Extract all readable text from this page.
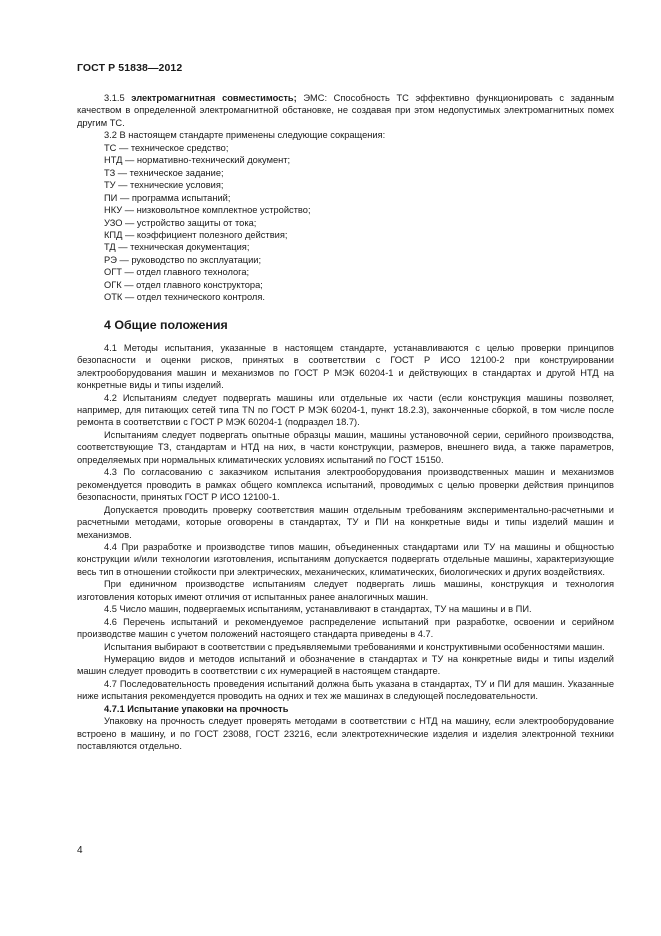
ГОСТ Р 51838—2012

3.1.5 электромагнитная совместимость; ЭМС: Способность ТС эффективно функционировать с заданным качеством в определенной электромагнитной обстановке, не создавая при этом недопустимых электромагнитных помех другим ТС.

3.2 В настоящем стандарте применены следующие сокращения:

ТС — техническое средство;
НТД — нормативно-технический документ;
ТЗ — техническое задание;
ТУ — технические условия;
ПИ — программа испытаний;
НКУ — низковольтное комплектное устройство;
УЗО — устройство защиты от тока;
КПД — коэффициент полезного действия;
ТД — техническая документация;
РЭ — руководство по эксплуатации;
ОГТ — отдел главного технолога;
ОГК — отдел главного конструктора;
ОТК — отдел технического контроля.
4 Общие положения

4.1 Методы испытания, указанные в настоящем стандарте, устанавливаются с целью проверки принципов безопасности и оценки рисков, принятых в соответствии с ГОСТ Р ИСО 12100-2 при конструировании электрооборудования машин и механизмов по ГОСТ Р МЭК 60204-1 и действующих в стандартах и другой НТД на конкретные виды и типы изделий.

4.2 Испытаниям следует подвергать машины или отдельные их части (если конструкция машины позволяет, например, для питающих сетей типа TN по ГОСТ Р МЭК 60204-1, пункт 18.2.3), законченные сборкой, в том числе после ремонта в соответствии с ГОСТ Р МЭК 60204-1 (подраздел 18.7).

Испытаниям следует подвергать опытные образцы машин, машины установочной серии, серийного производства, соответствующие ТЗ, стандартам и НТД на них, в части конструкции, размеров, внешнего вида, а также параметров, определяемых при нормальных климатических условиях испытаний по ГОСТ 15150.

4.3 По согласованию с заказчиком испытания электрооборудования производственных машин и механизмов рекомендуется проводить в рамках общего комплекса испытаний, проводимых с целью проверки действия принципов безопасности, принятых ГОСТ Р ИСО 12100-1.

Допускается проводить проверку соответствия машин отдельным требованиям экспериментально-расчетными и расчетными методами, которые оговорены в стандартах, ТУ и ПИ на конкретные виды и типы изделий машин и механизмов.

4.4 При разработке и производстве типов машин, объединенных стандартами или ТУ на машины и общностью конструкции и/или технологии изготовления, испытаниям допускается подвергать отдельные машины, характеризующие весь тип в отношении стойкости при электрических, механических, климатических, биологических и других воздействиях.

При единичном производстве испытаниям следует подвергать лишь машины, конструкция и технология изготовления которых имеют отличия от испытанных ранее аналогичных машин.

4.5 Число машин, подвергаемых испытаниям, устанавливают в стандартах, ТУ на машины и в ПИ.

4.6 Перечень испытаний и рекомендуемое распределение испытаний при разработке, освоении и серийном производстве машин с учетом положений настоящего стандарта приведены в 4.7.

Испытания выбирают в соответствии с предъявляемыми требованиями и конструктивными особенностями машин.

Нумерацию видов и методов испытаний и обозначение в стандартах и ТУ на конкретные виды и типы изделий машин следует проводить в соответствии с их нумерацией в настоящем стандарте.

4.7 Последовательность проведения испытаний должна быть указана в стандартах, ТУ и ПИ для машин. Указанные ниже испытания рекомендуется проводить на одних и тех же машинах в следующей последовательности.

4.7.1 Испытание упаковки на прочность

Упаковку на прочность следует проверять методами в соответствии с НТД на машину, если электрооборудование встроено в машину, и по ГОСТ 23088, ГОСТ 23216, если электротехнические изделия и изделия электронной техники поставляются отдельно.

4
